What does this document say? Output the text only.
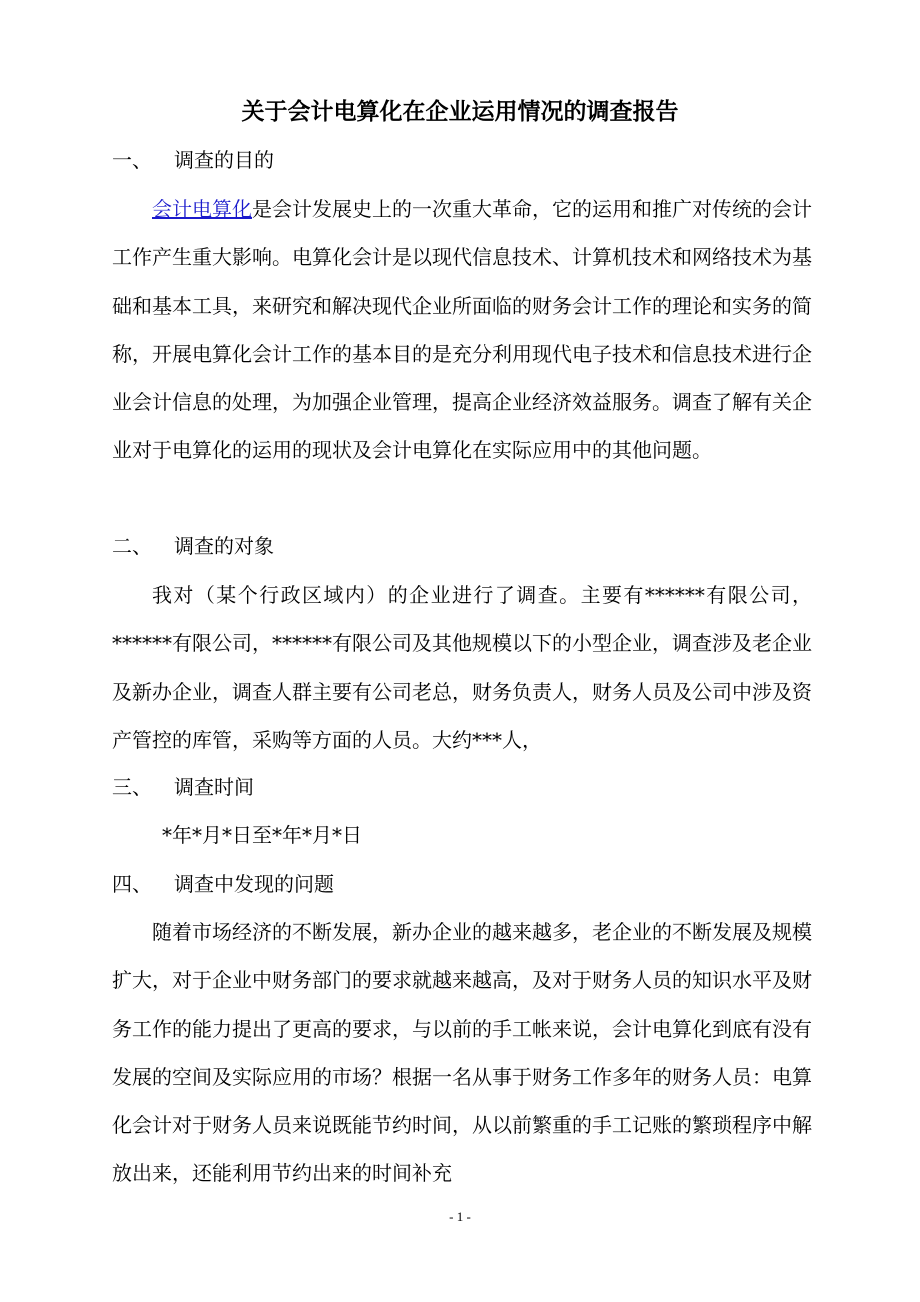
关于会计电算化在企业运用情况的调查报告
一、 调查的目的

会计电算化是会计发展史上的一次重大革命，它的运用和推广对传统的会计工作产生重大影响。电算化会计是以现代信息技术、计算机技术和网络技术为基础和基本工具，来研究和解决现代企业所面临的财务会计工作的理论和实务的简称，开展电算化会计工作的基本目的是充分利用现代电子技术和信息技术进行企业会计信息的处理，为加强企业管理，提高企业经济效益服务。调查了解有关企业对于电算化的运用的现状及会计电算化在实际应用中的其他问题。

二、 调查的对象

我对（某个行政区域内）的企业进行了调查。主要有******有限公司，******有限公司，******有限公司及其他规模以下的小型企业，调查涉及老企业及新办企业，调查人群主要有公司老总，财务负责人，财务人员及公司中涉及资产管控的库管，采购等方面的人员。大约***人，

三、 调查时间
*年*月*日至*年*月*日
四、 调查中发现的问题

随着市场经济的不断发展，新办企业的越来越多，老企业的不断发展及规模扩大，对于企业中财务部门的要求就越来越高，及对于财务人员的知识水平及财务工作的能力提出了更高的要求，与以前的手工帐来说，会计电算化到底有没有发展的空间及实际应用的市场？根据一名从事于财务工作多年的财务人员：电算化会计对于财务人员来说既能节约时间，从以前繁重的手工记账的繁琐程序中解放出来，还能利用节约出来的时间补充

- 1 -
